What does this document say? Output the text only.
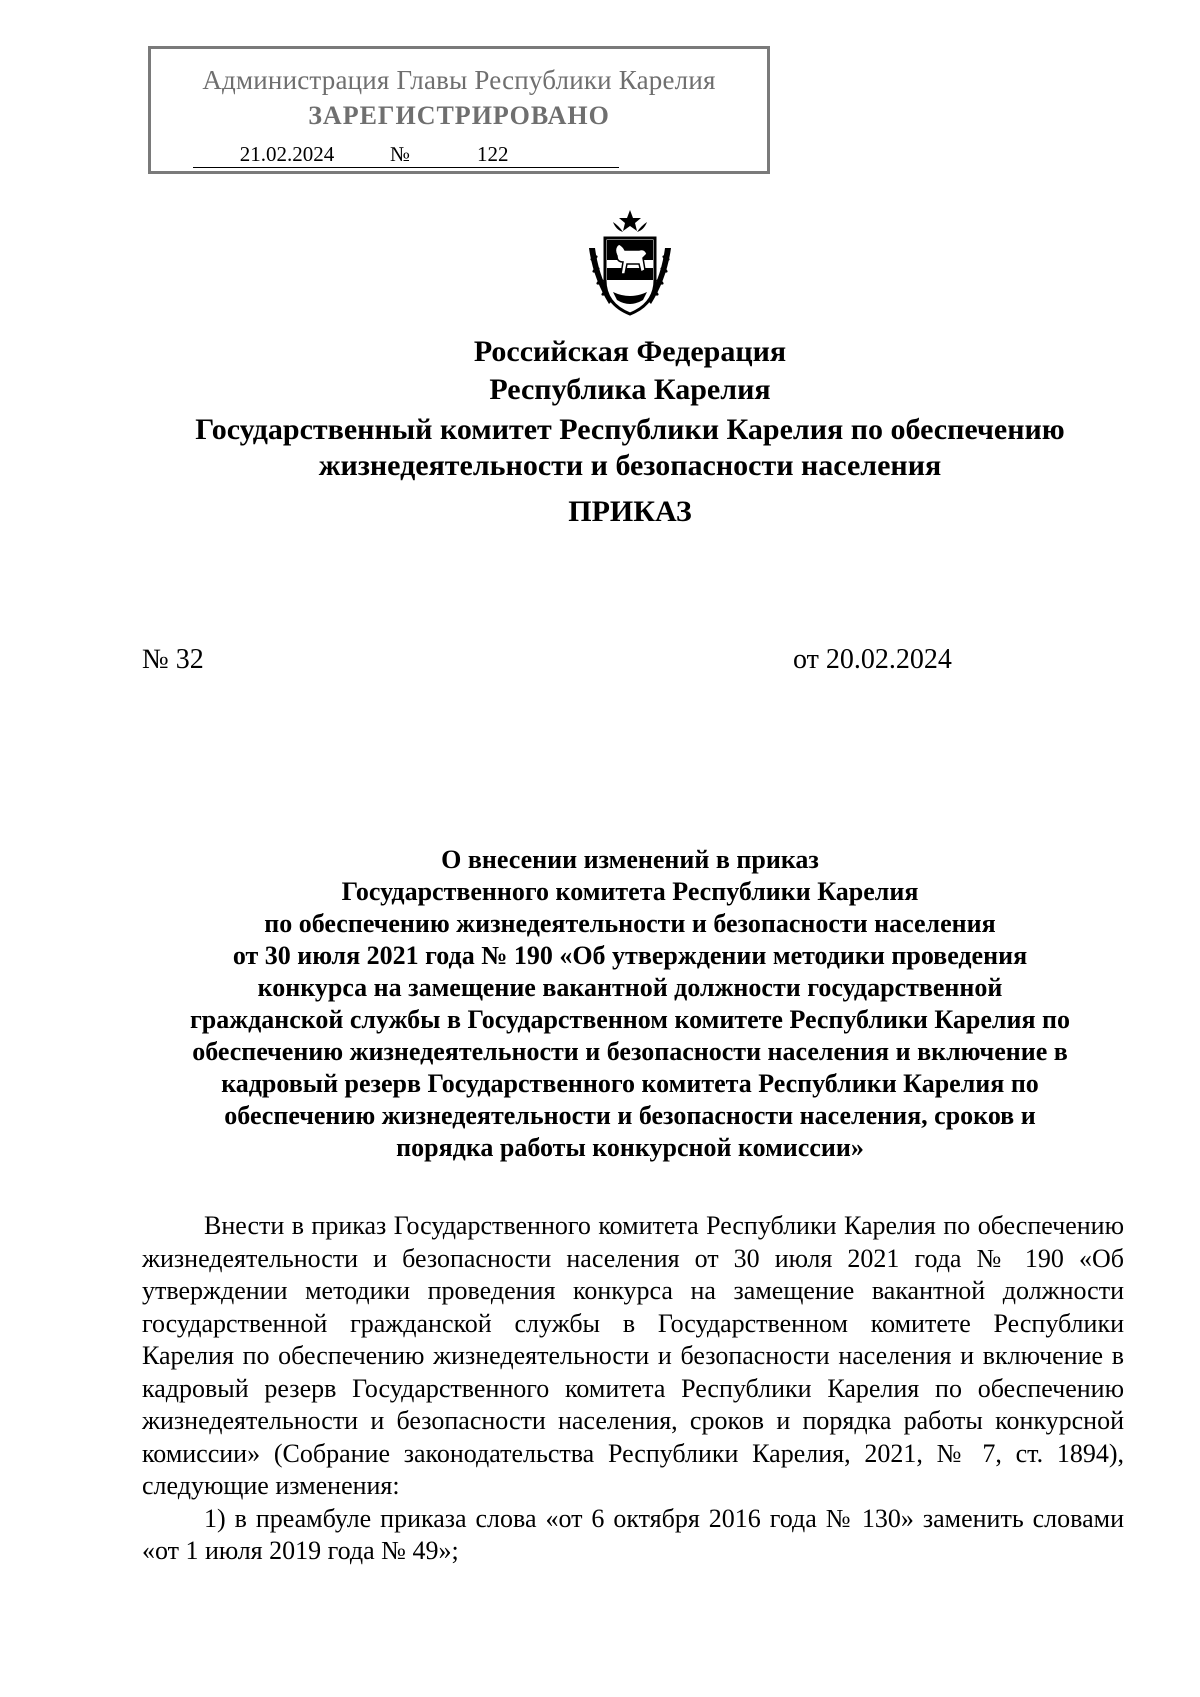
Администрация Главы Республики Карелия
ЗАРЕГИСТРИРОВАНО
21.02.2024	№	122
Российская Федерация
Республика Карелия
Государственный комитет Республики Карелия по обеспечению
жизнедеятельности и безопасности населения
ПРИКАЗ
№ 32	от 20.02.2024
О внесении изменений в приказ
Государственного комитета Республики Карелия
по обеспечению жизнедеятельности и безопасности населения
от 30 июля 2021 года № 190 «Об утверждении методики проведения
конкурса на замещение вакантной должности государственной
гражданской службы в Государственном комитете Республики Карелия по
обеспечению жизнедеятельности и безопасности населения и включение в
кадровый резерв Государственного комитета Республики Карелия по
обеспечению жизнедеятельности и безопасности населения, сроков и
порядка работы конкурсной комиссии»

Внести в приказ Государственного комитета Республики Карелия по обеспечению жизнедеятельности и безопасности населения от 30 июля 2021 года № 190 «Об утверждении методики проведения конкурса на замещение вакантной должности государственной гражданской службы в Государственном комитете Республики Карелия по обеспечению жизнедеятельности и безопасности населения и включение в кадровый резерв Государственного комитета Республики Карелия по обеспечению жизнедеятельности и безопасности населения, сроков и порядка работы конкурсной комиссии» (Собрание законодательства Республики Карелия, 2021, № 7, ст. 1894), следующие изменения:

1) в преамбуле приказа слова «от 6 октября 2016 года № 130» заменить словами «от 1 июля 2019 года № 49»;
